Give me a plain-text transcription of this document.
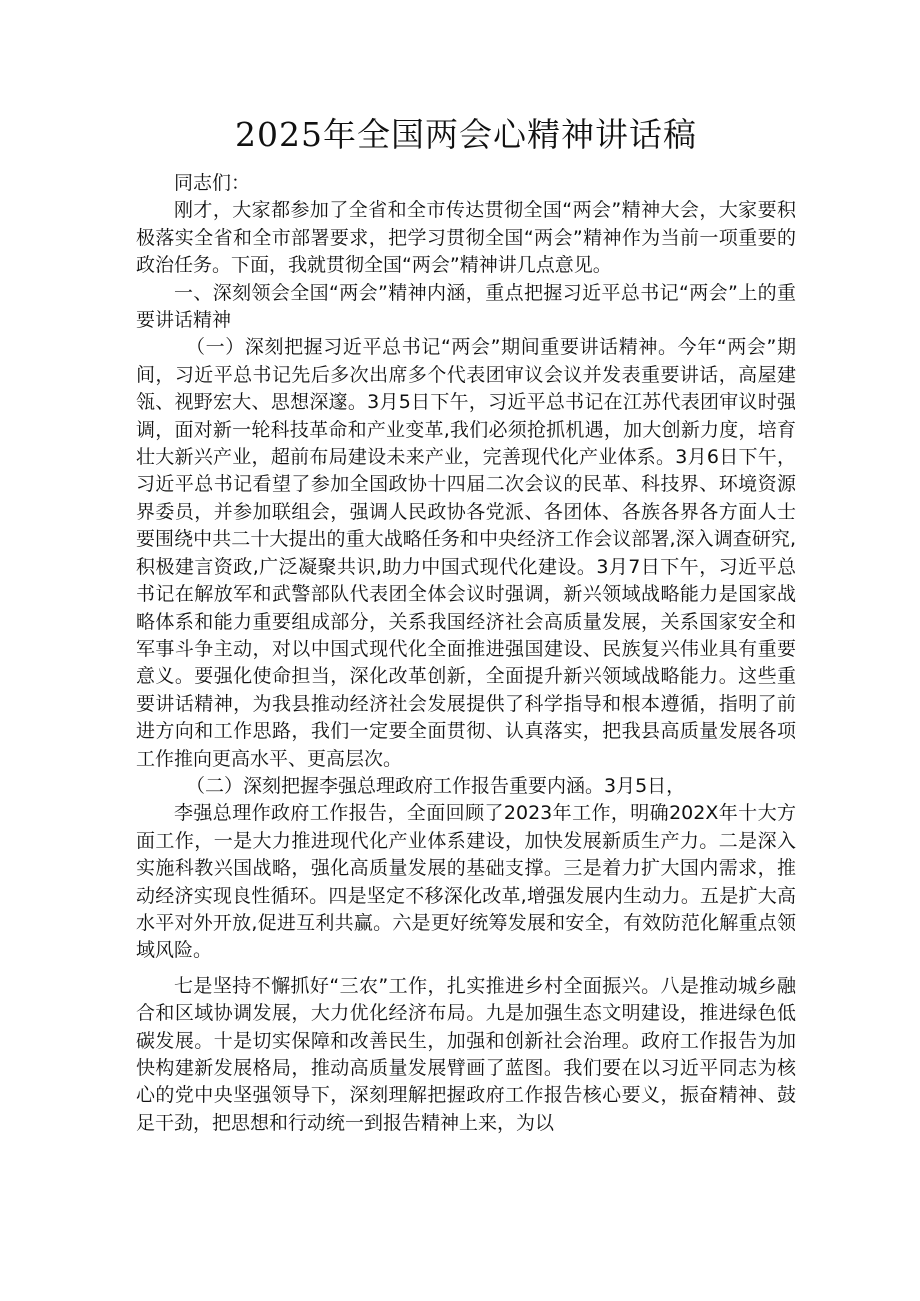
2025年全国两会心精神讲话稿

同志们：

刚才，大家都参加了全省和全市传达贯彻全国“两会”精神大会，大家要积极落实全省和全市部署要求，把学习贯彻全国“两会”精神作为当前一项重要的政治任务。下面，我就贯彻全国“两会”精神讲几点意见。

一、深刻领会全国“两会”精神内涵，重点把握习近平总书记“两会”上的重要讲话精神

（一）深刻把握习近平总书记“两会”期间重要讲话精神。今年“两会”期间，习近平总书记先后多次出席多个代表团审议会议并发表重要讲话，高屋建瓴、视野宏大、思想深邃。3月5日下午，习近平总书记在江苏代表团审议时强调，面对新一轮科技革命和产业变革,我们必须抢抓机遇，加大创新力度，培育壮大新兴产业，超前布局建设未来产业，完善现代化产业体系。3月6日下午，习近平总书记看望了参加全国政协十四届二次会议的民革、科技界、环境资源界委员，并参加联组会，强调人民政协各党派、各团体、各族各界各方面人士要围绕中共二十大提出的重大战略任务和中央经济工作会议部署,深入调查研究,积极建言资政,广泛凝聚共识,助力中国式现代化建设。3月7日下午，习近平总书记在解放军和武警部队代表团全体会议时强调，新兴领域战略能力是国家战略体系和能力重要组成部分，关系我国经济社会高质量发展，关系国家安全和军事斗争主动，对以中国式现代化全面推进强国建设、民族复兴伟业具有重要意义。要强化使命担当，深化改革创新，全面提升新兴领域战略能力。这些重要讲话精神，为我县推动经济社会发展提供了科学指导和根本遵循，指明了前进方向和工作思路，我们一定要全面贯彻、认真落实，把我县高质量发展各项工作推向更高水平、更高层次。

（二）深刻把握李强总理政府工作报告重要内涵。3月5日，

李强总理作政府工作报告，全面回顾了2023年工作，明确202X年十大方面工作，一是大力推进现代化产业体系建设，加快发展新质生产力。二是深入实施科教兴国战略，强化高质量发展的基础支撑。三是着力扩大国内需求，推动经济实现良性循环。四是坚定不移深化改革,增强发展内生动力。五是扩大高水平对外开放,促进互利共赢。六是更好统筹发展和安全，有效防范化解重点领域风险。

七是坚持不懈抓好“三农”工作，扎实推进乡村全面振兴。八是推动城乡融合和区域协调发展，大力优化经济布局。九是加强生态文明建设，推进绿色低碳发展。十是切实保障和改善民生，加强和创新社会治理。政府工作报告为加快构建新发展格局，推动高质量发展臂画了蓝图。我们要在以习近平同志为核心的党中央坚强领导下，深刻理解把握政府工作报告核心要义，振奋精神、鼓足干劲，把思想和行动统一到报告精神上来，为以
